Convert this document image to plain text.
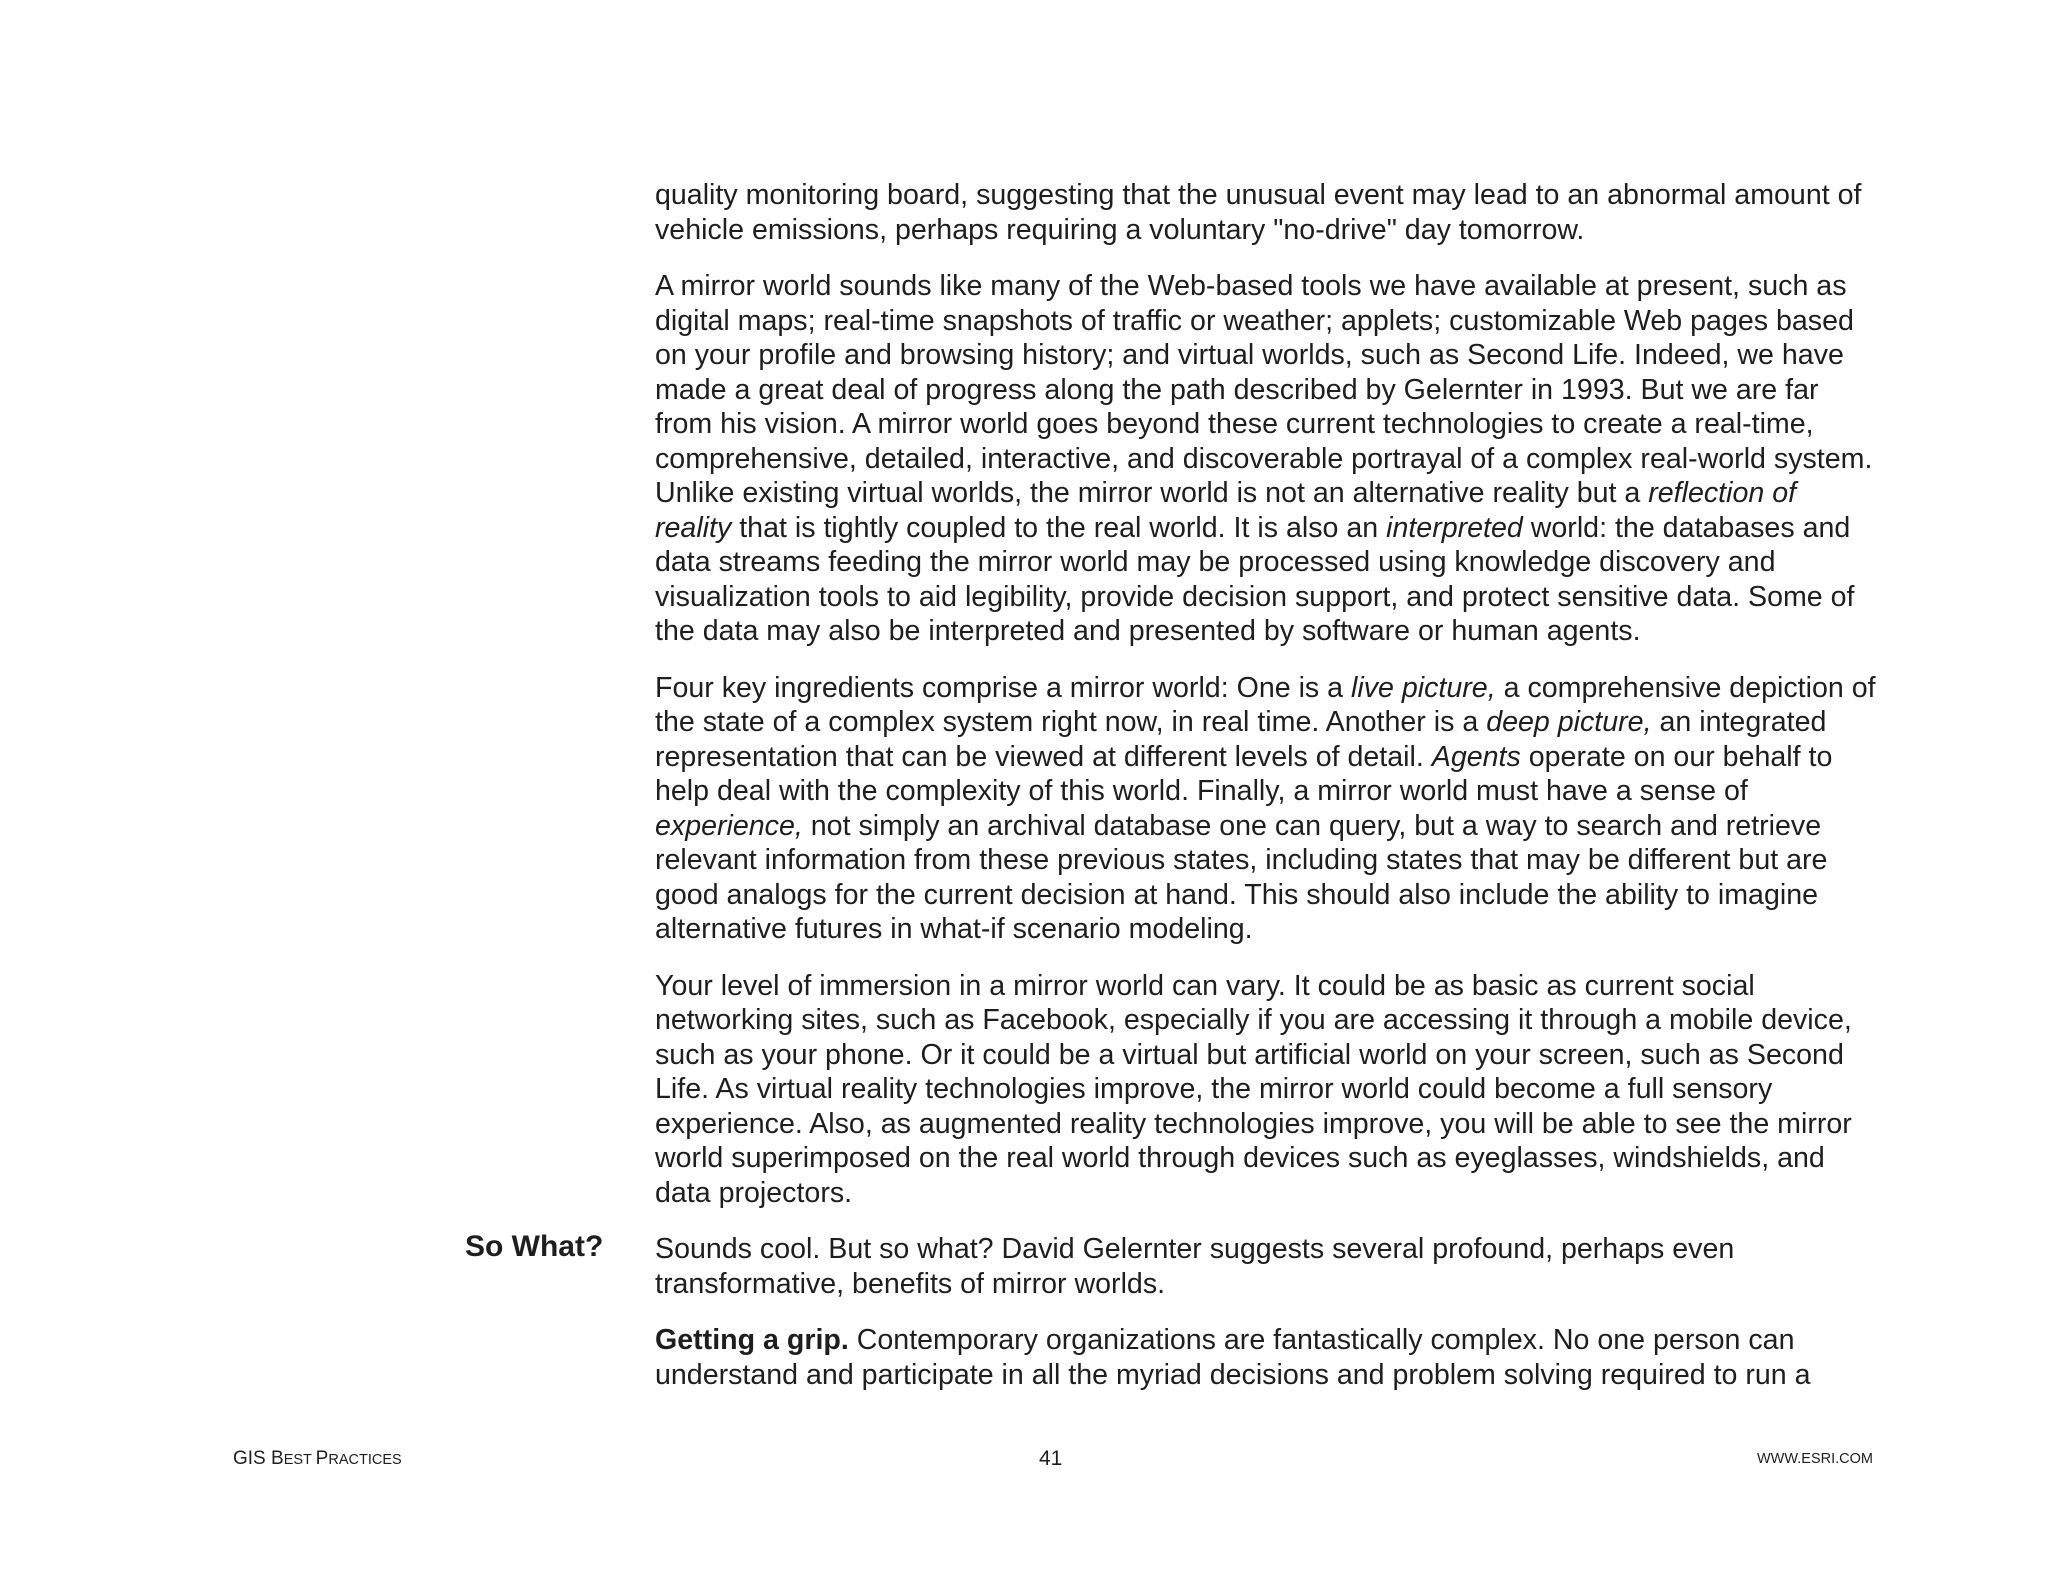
quality monitoring board, suggesting that the unusual event may lead to an abnormal amount of vehicle emissions, perhaps requiring a voluntary "no-drive" day tomorrow.

A mirror world sounds like many of the Web-based tools we have available at present, such as digital maps; real-time snapshots of traffic or weather; applets; customizable Web pages based on your profile and browsing history; and virtual worlds, such as Second Life. Indeed, we have made a great deal of progress along the path described by Gelernter in 1993. But we are far from his vision. A mirror world goes beyond these current technologies to create a real-time, comprehensive, detailed, interactive, and discoverable portrayal of a complex real-world system. Unlike existing virtual worlds, the mirror world is not an alternative reality but a reflection of reality that is tightly coupled to the real world. It is also an interpreted world: the databases and data streams feeding the mirror world may be processed using knowledge discovery and visualization tools to aid legibility, provide decision support, and protect sensitive data. Some of the data may also be interpreted and presented by software or human agents.

Four key ingredients comprise a mirror world: One is a live picture, a comprehensive depiction of the state of a complex system right now, in real time. Another is a deep picture, an integrated representation that can be viewed at different levels of detail. Agents operate on our behalf to help deal with the complexity of this world. Finally, a mirror world must have a sense of experience, not simply an archival database one can query, but a way to search and retrieve relevant information from these previous states, including states that may be different but are good analogs for the current decision at hand. This should also include the ability to imagine alternative futures in what-if scenario modeling.

Your level of immersion in a mirror world can vary. It could be as basic as current social networking sites, such as Facebook, especially if you are accessing it through a mobile device, such as your phone. Or it could be a virtual but artificial world on your screen, such as Second Life. As virtual reality technologies improve, the mirror world could become a full sensory experience. Also, as augmented reality technologies improve, you will be able to see the mirror world superimposed on the real world through devices such as eyeglasses, windshields, and data projectors.

Sounds cool. But so what? David Gelernter suggests several profound, perhaps even transformative, benefits of mirror worlds.

Getting a grip. Contemporary organizations are fantastically complex. No one person can understand and participate in all the myriad decisions and problem solving required to run a

So What?
GIS BEST PRACTICES	41	WWW.ESRI.COM
